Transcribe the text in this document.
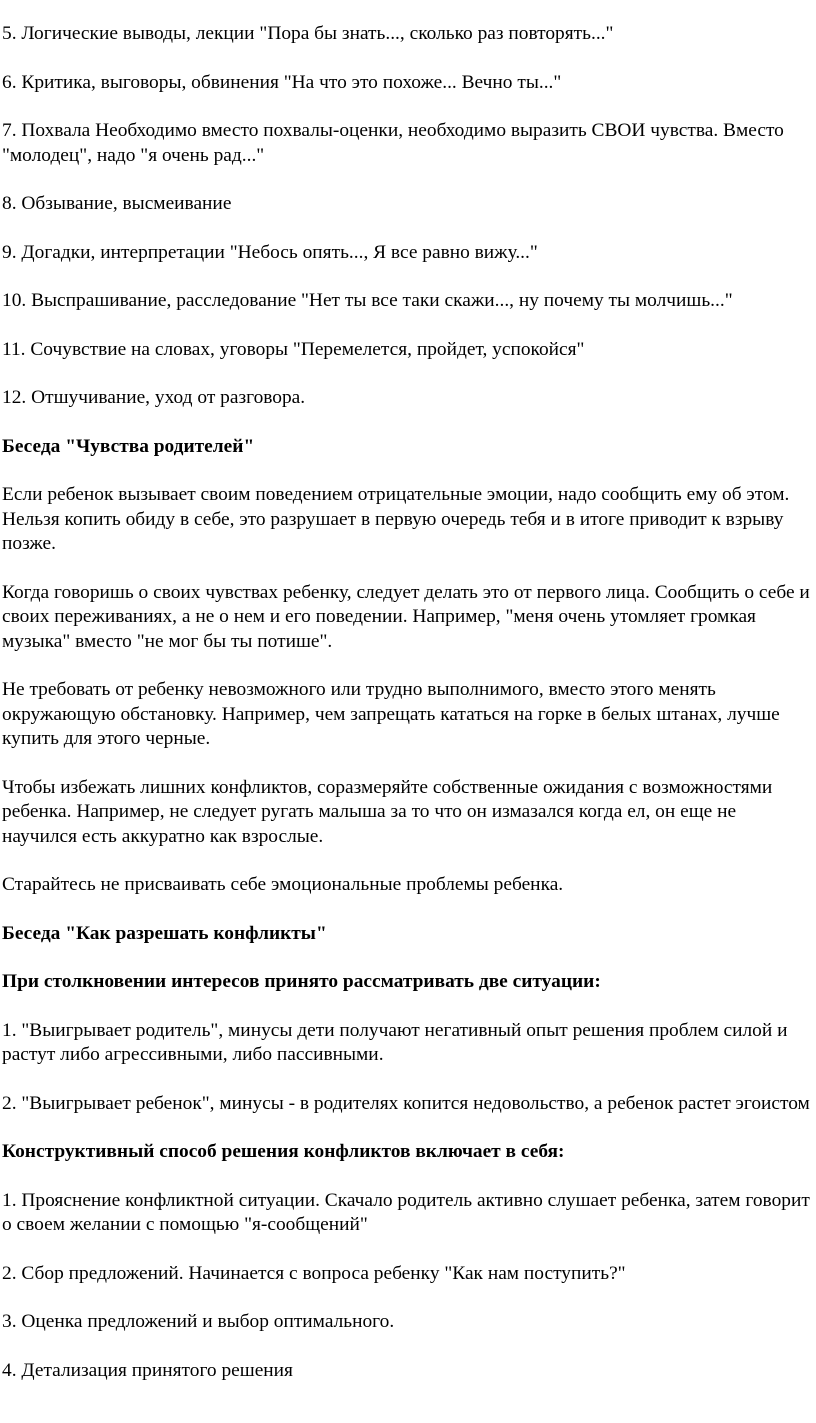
5. Логические выводы, лекции "Пора бы знать..., сколько раз повторять..."

6. Критика, выговоры, обвинения "На что это похоже... Вечно ты..."

7. Похвала Необходимо вместо похвалы-оценки, необходимо выразить СВОИ чувства. Вместо "молодец", надо "я очень рад..."

8. Обзывание, высмеивание

9. Догадки, интерпретации "Небось опять..., Я все равно вижу..."

10. Выспрашивание, расследование "Нет ты все таки скажи..., ну почему ты молчишь..."

11. Сочувствие на словах, уговоры "Перемелется, пройдет, успокойся"

12. Отшучивание, уход от разговора.

Беседа "Чувства родителей"

Если ребенок вызывает своим поведением отрицательные эмоции, надо сообщить ему об этом. Нельзя копить обиду в себе, это разрушает в первую очередь тебя и в итоге приводит к взрыву позже.

Когда говоришь о своих чувствах ребенку, следует делать это от первого лица. Сообщить о себе и своих переживаниях, а не о нем и его поведении. Например, "меня очень утомляет громкая музыка" вместо "не мог бы ты потише".

Не требовать от ребенку невозможного или трудно выполнимого, вместо этого менять окружающую обстановку. Например, чем запрещать кататься на горке в белых штанах, лучше купить для этого черные.

Чтобы избежать лишних конфликтов, соразмеряйте собственные ожидания с возможностями ребенка. Например, не следует ругать малыша за то что он измазался когда ел, он еще не научился есть аккуратно как взрослые.

Старайтесь не присваивать себе эмоциональные проблемы ребенка.

Беседа "Как разрешать конфликты"

При столкновении интересов принято рассматривать две ситуации:

1. "Выигрывает родитель", минусы дети получают негативный опыт решения проблем силой и растут либо агрессивными, либо пассивными.

2. "Выигрывает ребенок", минусы - в родителях копится недовольство, а ребенок растет эгоистом

Конструктивный способ решения конфликтов включает в себя:

1. Прояснение конфликтной ситуации. Скачало родитель активно слушает ребенка, затем говорит о своем желании с помощью "я-сообщений"

2. Сбор предложений. Начинается с вопроса ребенку "Как нам поступить?"

3. Оценка предложений и выбор оптимального.

4. Детализация принятого решения
